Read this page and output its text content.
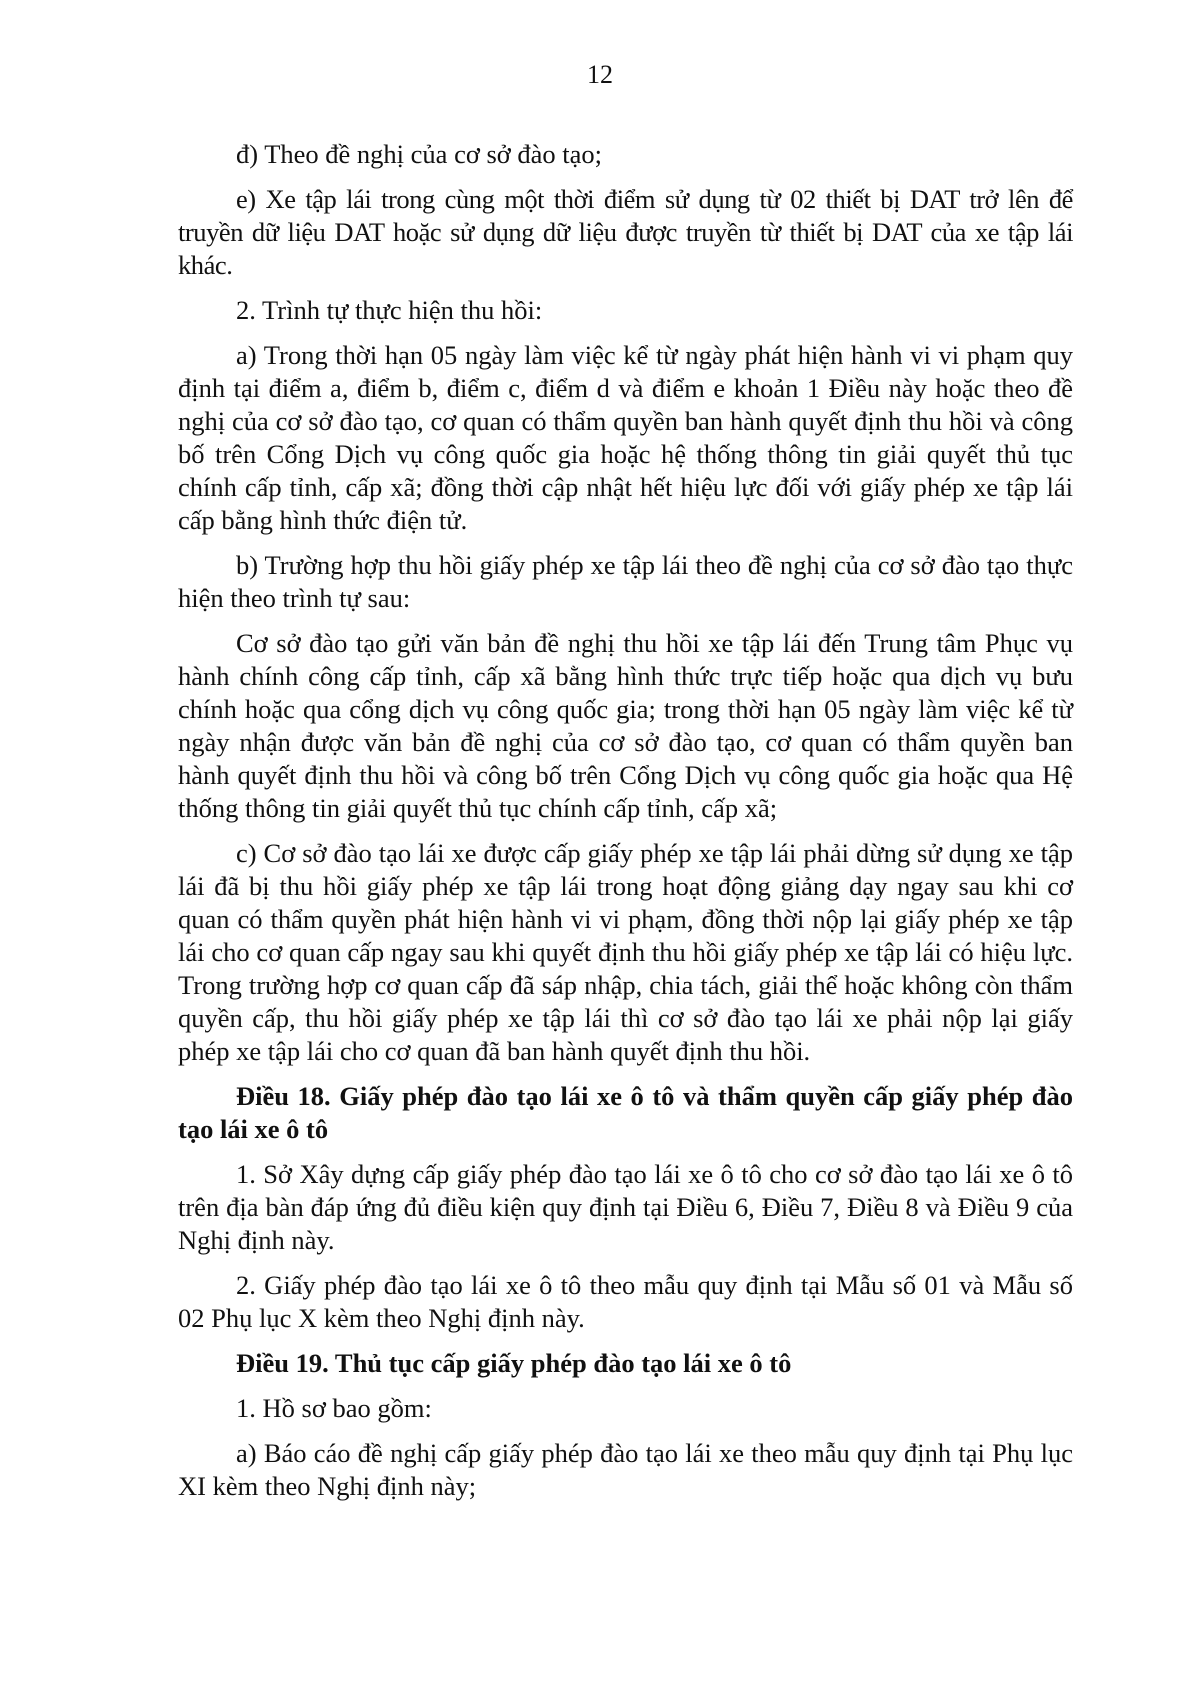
12

đ) Theo đề nghị của cơ sở đào tạo;

e) Xe tập lái trong cùng một thời điểm sử dụng từ 02 thiết bị DAT trở lên để truyền dữ liệu DAT hoặc sử dụng dữ liệu được truyền từ thiết bị DAT của xe tập lái khác.

2. Trình tự thực hiện thu hồi:

a) Trong thời hạn 05 ngày làm việc kể từ ngày phát hiện hành vi vi phạm quy định tại điểm a, điểm b, điểm c, điểm d và điểm e khoản 1 Điều này hoặc theo đề nghị của cơ sở đào tạo, cơ quan có thẩm quyền ban hành quyết định thu hồi và công bố trên Cổng Dịch vụ công quốc gia hoặc hệ thống thông tin giải quyết thủ tục chính cấp tỉnh, cấp xã; đồng thời cập nhật hết hiệu lực đối với giấy phép xe tập lái cấp bằng hình thức điện tử.

b) Trường hợp thu hồi giấy phép xe tập lái theo đề nghị của cơ sở đào tạo thực hiện theo trình tự sau:

Cơ sở đào tạo gửi văn bản đề nghị thu hồi xe tập lái đến Trung tâm Phục vụ hành chính công cấp tỉnh, cấp xã bằng hình thức trực tiếp hoặc qua dịch vụ bưu chính hoặc qua cổng dịch vụ công quốc gia; trong thời hạn 05 ngày làm việc kể từ ngày nhận được văn bản đề nghị của cơ sở đào tạo, cơ quan có thẩm quyền ban hành quyết định thu hồi và công bố trên Cổng Dịch vụ công quốc gia hoặc qua Hệ thống thông tin giải quyết thủ tục chính cấp tỉnh, cấp xã;

c) Cơ sở đào tạo lái xe được cấp giấy phép xe tập lái phải dừng sử dụng xe tập lái đã bị thu hồi giấy phép xe tập lái trong hoạt động giảng dạy ngay sau khi cơ quan có thẩm quyền phát hiện hành vi vi phạm, đồng thời nộp lại giấy phép xe tập lái cho cơ quan cấp ngay sau khi quyết định thu hồi giấy phép xe tập lái có hiệu lực. Trong trường hợp cơ quan cấp đã sáp nhập, chia tách, giải thể hoặc không còn thẩm quyền cấp, thu hồi giấy phép xe tập lái thì cơ sở đào tạo lái xe phải nộp lại giấy phép xe tập lái cho cơ quan đã ban hành quyết định thu hồi.

Điều 18. Giấy phép đào tạo lái xe ô tô và thẩm quyền cấp giấy phép đào tạo lái xe ô tô

1. Sở Xây dựng cấp giấy phép đào tạo lái xe ô tô cho cơ sở đào tạo lái xe ô tô trên địa bàn đáp ứng đủ điều kiện quy định tại Điều 6, Điều 7, Điều 8 và Điều 9 của Nghị định này.

2. Giấy phép đào tạo lái xe ô tô theo mẫu quy định tại Mẫu số 01 và Mẫu số 02 Phụ lục X kèm theo Nghị định này.

Điều 19. Thủ tục cấp giấy phép đào tạo lái xe ô tô

1. Hồ sơ bao gồm:

a) Báo cáo đề nghị cấp giấy phép đào tạo lái xe theo mẫu quy định tại Phụ lục XI kèm theo Nghị định này;
